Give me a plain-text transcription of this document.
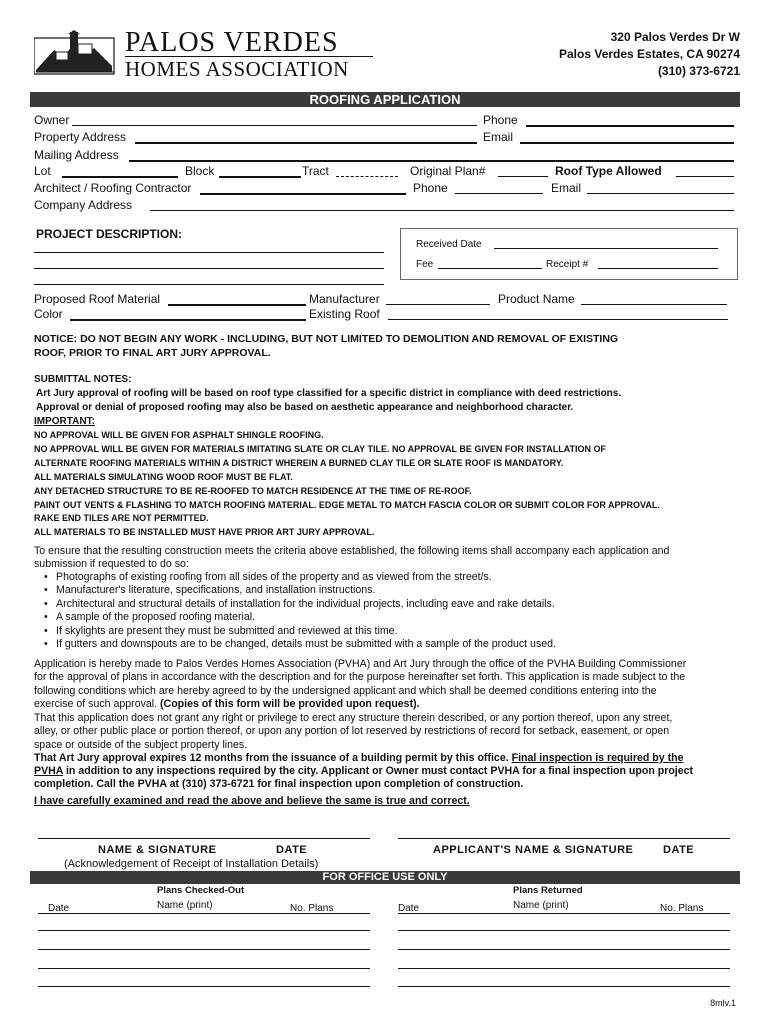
PALOS VERDES
HOMES ASSOCIATION
320 Palos Verdes Dr W
Palos Verdes Estates, CA 90274
(310) 373-6721
ROOFING APPLICATION
Owner	Phone
Property Address	Email
Mailing Address
Lot	Block	Tract	Original Plan#	Roof Type Allowed
Architect / Roofing Contractor	Phone	Email
Company Address
PROJECT DESCRIPTION:
Received Date
Fee	Receipt #
Proposed Roof Material	Manufacturer	Product Name
Color	Existing Roof
NOTICE: DO NOT BEGIN ANY WORK - INCLUDING, BUT NOT LIMITED TO DEMOLITION AND REMOVAL OF EXISTING
ROOF, PRIOR TO FINAL ART JURY APPROVAL.
SUBMITTAL NOTES:
Art Jury approval of roofing will be based on roof type classified for a specific district in compliance with deed restrictions.
Approval or denial of proposed roofing may also be based on aesthetic appearance and neighborhood character.
IMPORTANT:
NO APPROVAL WILL BE GIVEN FOR ASPHALT SHINGLE ROOFING.
NO APPROVAL WILL BE GIVEN FOR MATERIALS IMITATING SLATE OR CLAY TILE. NO APPROVAL BE GIVEN FOR INSTALLATION OF
ALTERNATE ROOFING MATERIALS WITHIN A DISTRICT WHEREIN A BURNED CLAY TILE OR SLATE ROOF IS MANDATORY.
ALL MATERIALS SIMULATING WOOD ROOF MUST BE FLAT.
ANY DETACHED STRUCTURE TO BE RE-ROOFED TO MATCH RESIDENCE AT THE TIME OF RE-ROOF.
PAINT OUT VENTS & FLASHING TO MATCH ROOFING MATERIAL. EDGE METAL TO MATCH FASCIA COLOR OR SUBMIT COLOR FOR APPROVAL.
RAKE END TILES ARE NOT PERMITTED.
ALL MATERIALS TO BE INSTALLED MUST HAVE PRIOR ART JURY APPROVAL.
To ensure that the resulting construction meets the criteria above established, the following items shall accompany each application and
submission if requested to do so:
• Photographs of existing roofing from all sides of the property and as viewed from the street/s.
• Manufacturer's literature, specifications, and installation instructions.
• Architectural and structural details of installation for the individual projects, including eave and rake details.
• A sample of the proposed roofing material.
• If skylights are present they must be submitted and reviewed at this time.
• If gutters and downspouts are to be changed, details must be submitted with a sample of the product used.
Application is hereby made to Palos Verdes Homes Association (PVHA) and Art Jury through the office of the PVHA Building Commissioner
for the approval of plans in accordance with the description and for the purpose hereinafter set forth. This application is made subject to the
following conditions which are hereby agreed to by the undersigned applicant and which shall be deemed conditions entering into the
exercise of such approval. (Copies of this form will be provided upon request).
That this application does not grant any right or privilege to erect any structure therein described, or any portion thereof, upon any street,
alley, or other public place or portion thereof, or upon any portion of lot reserved by restrictions of record for setback, easement, or open
space or outside of the subject property lines.
That Art Jury approval expires 12 months from the issuance of a building permit by this office. Final inspection is required by the
PVHA in addition to any inspections required by the city. Applicant or Owner must contact PVHA for a final inspection upon project
completion. Call the PVHA at (310) 373-6721 for final inspection upon completion of construction.
I have carefully examined and read the above and believe the same is true and correct.
NAME & SIGNATURE	DATE
(Acknowledgement of Receipt of Installation Details)
APPLICANT'S NAME & SIGNATURE	DATE
FOR OFFICE USE ONLY
Plans Checked-Out	Plans Returned
Date	Name (print)	No. Plans	Date	Name (print)	No. Plans
8mlv.1
